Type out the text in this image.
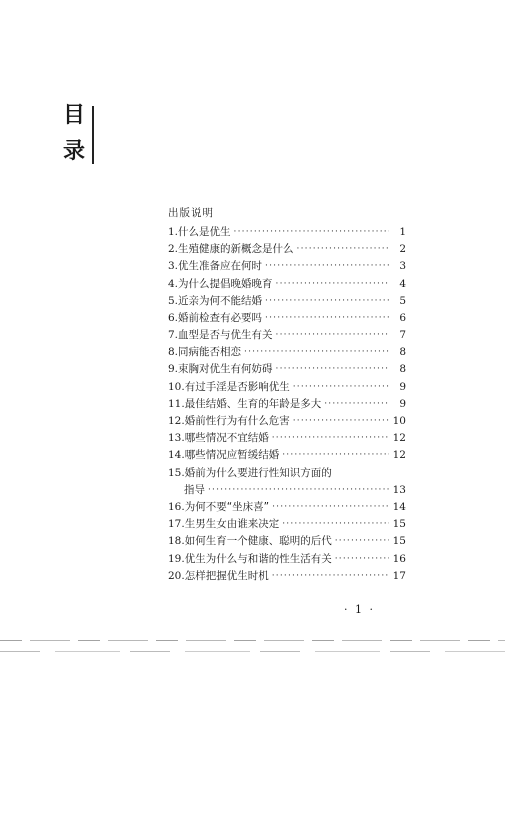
目
录
出版说明
1. 什么是优生 ·····	1
2. 生殖健康的新概念是什么 ·····	2
3. 优生准备应在何时 ·····	3
4. 为什么提倡晚婚晚育 ·····	4
5. 近亲为何不能结婚 ·····	5
6. 婚前检查有必要吗 ·····	6
7. 血型是否与优生有关 ·····	7
8. 同病能否相恋 ·····	8
9. 束胸对优生有何妨碍 ·····	8
10. 有过手淫是否影响优生 ·····	9
11. 最佳结婚、生育的年龄是多大 ·····	9
12. 婚前性行为有什么危害 ·····	10
13. 哪些情况不宜结婚 ·····	12
14. 哪些情况应暂缓结婚 ·····	12
15. 婚前为什么要进行性知识方面的
指导 ·····	13
16. 为何不要“坐床喜” ·····	14
17. 生男生女由谁来决定 ·····	15
18. 如何生育一个健康、聪明的后代 ·····	15
19. 优生为什么与和谐的性生活有关 ·····	16
20. 怎样把握优生时机 ·····	17
· 1 ·
